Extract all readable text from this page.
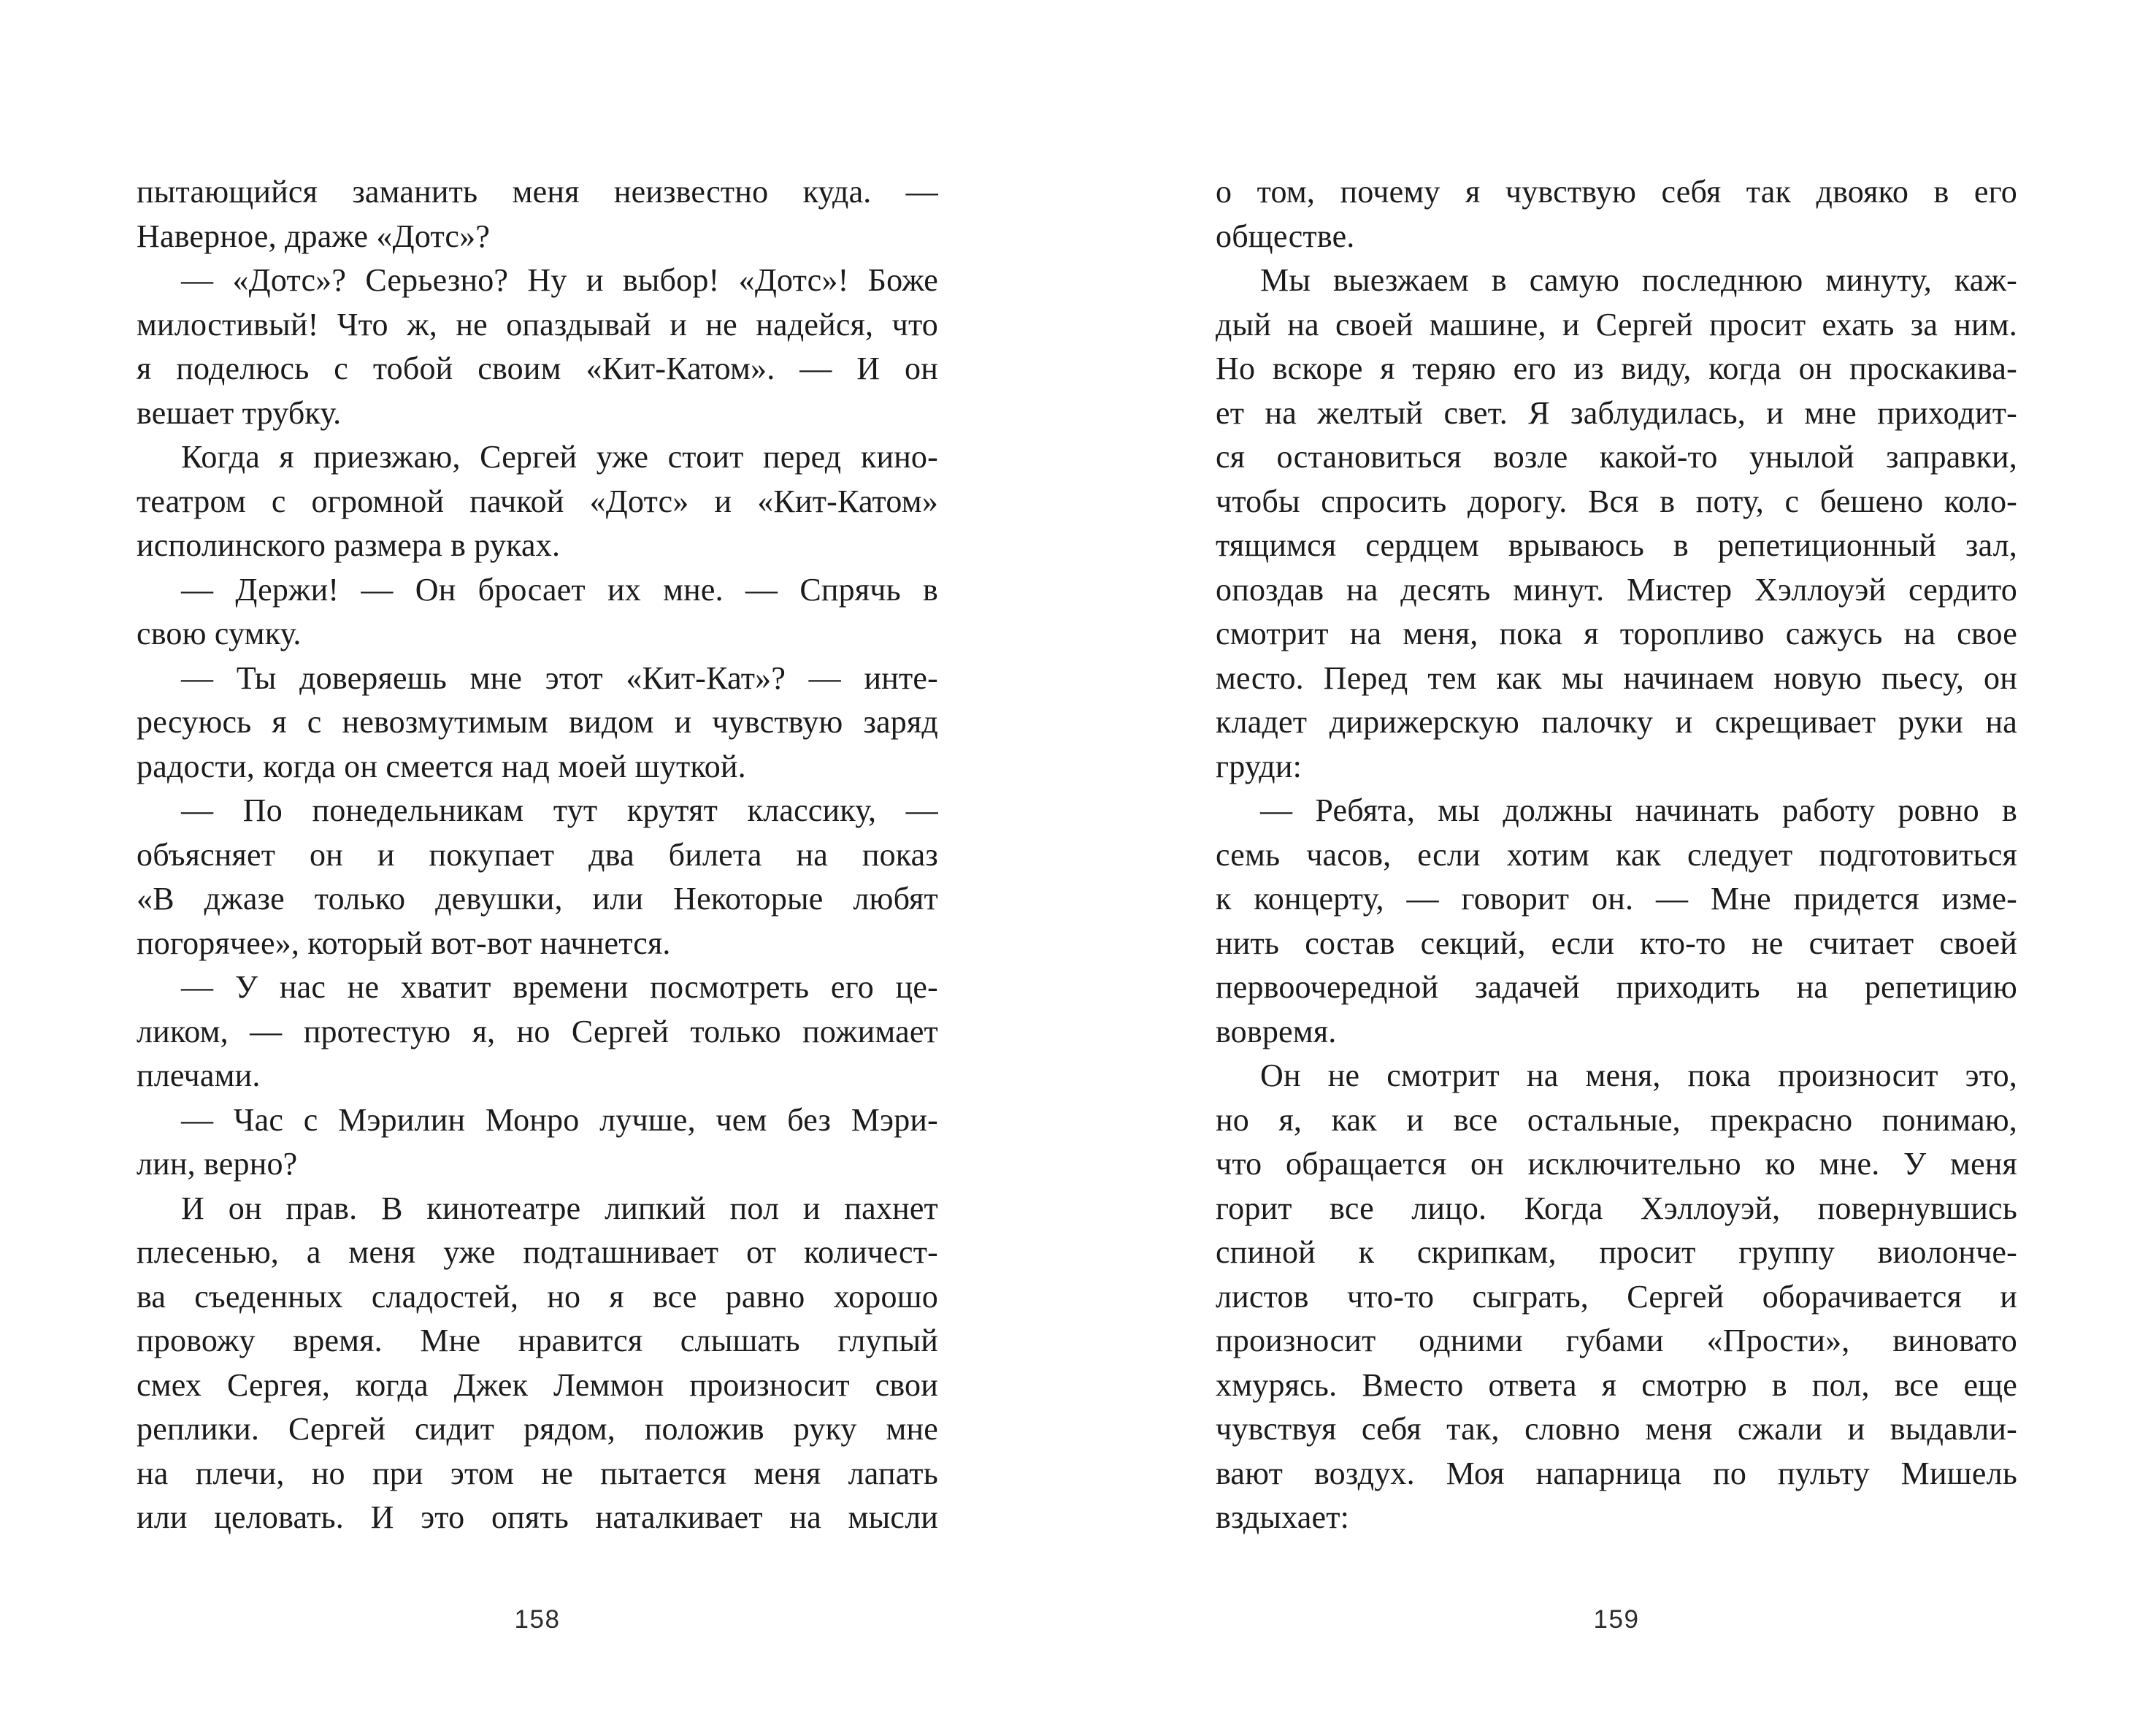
пытающийся заманить меня неизвестно куда. —
Наверное, драже «Дотс»?
— «Дотс»? Серьезно? Ну и выбор! «Дотс»! Боже
милостивый! Что ж, не опаздывай и не надейся, что
я поделюсь с тобой своим «Кит-Катом». — И он
вешает трубку.
Когда я приезжаю, Сергей уже стоит перед кино-
театром с огромной пачкой «Дотс» и «Кит-Катом»
исполинского размера в руках.
— Держи! — Он бросает их мне. — Спрячь в
свою сумку.
— Ты доверяешь мне этот «Кит-Кат»? — инте-
ресуюсь я с невозмутимым видом и чувствую заряд
радости, когда он смеется над моей шуткой.
— По понедельникам тут крутят классику, —
объясняет он и покупает два билета на показ
«В джазе только девушки, или Некоторые любят
погорячее», который вот-вот начнется.
— У нас не хватит времени посмотреть его це-
ликом, — протестую я, но Сергей только пожимает
плечами.
— Час с Мэрилин Монро лучше, чем без Мэри-
лин, верно?
И он прав. В кинотеатре липкий пол и пахнет
плесенью, а меня уже подташнивает от количест-
ва съеденных сладостей, но я все равно хорошо
провожу время. Мне нравится слышать глупый
смех Сергея, когда Джек Леммон произносит свои
реплики. Сергей сидит рядом, положив руку мне
на плечи, но при этом не пытается меня лапать
или целовать. И это опять наталкивает на мысли
158
о том, почему я чувствую себя так двояко в его
обществе.
Мы выезжаем в самую последнюю минуту, каж-
дый на своей машине, и Сергей просит ехать за ним.
Но вскоре я теряю его из виду, когда он проскакива-
ет на желтый свет. Я заблудилась, и мне приходит-
ся остановиться возле какой-то унылой заправки,
чтобы спросить дорогу. Вся в поту, с бешено коло-
тящимся сердцем врываюсь в репетиционный зал,
опоздав на десять минут. Мистер Хэллоуэй сердито
смотрит на меня, пока я торопливо сажусь на свое
место. Перед тем как мы начинаем новую пьесу, он
кладет дирижерскую палочку и скрещивает руки на
груди:
— Ребята, мы должны начинать работу ровно в
семь часов, если хотим как следует подготовиться
к концерту, — говорит он. — Мне придется изме-
нить состав секций, если кто-то не считает своей
первоочередной задачей приходить на репетицию
вовремя.
Он не смотрит на меня, пока произносит это,
но я, как и все остальные, прекрасно понимаю,
что обращается он исключительно ко мне. У меня
горит все лицо. Когда Хэллоуэй, повернувшись
спиной к скрипкам, просит группу виолонче-
листов что-то сыграть, Сергей оборачивается и
произносит одними губами «Прости», виновато
хмурясь. Вместо ответа я смотрю в пол, все еще
чувствуя себя так, словно меня сжали и выдавли-
вают воздух. Моя напарница по пульту Мишель
вздыхает:
159
